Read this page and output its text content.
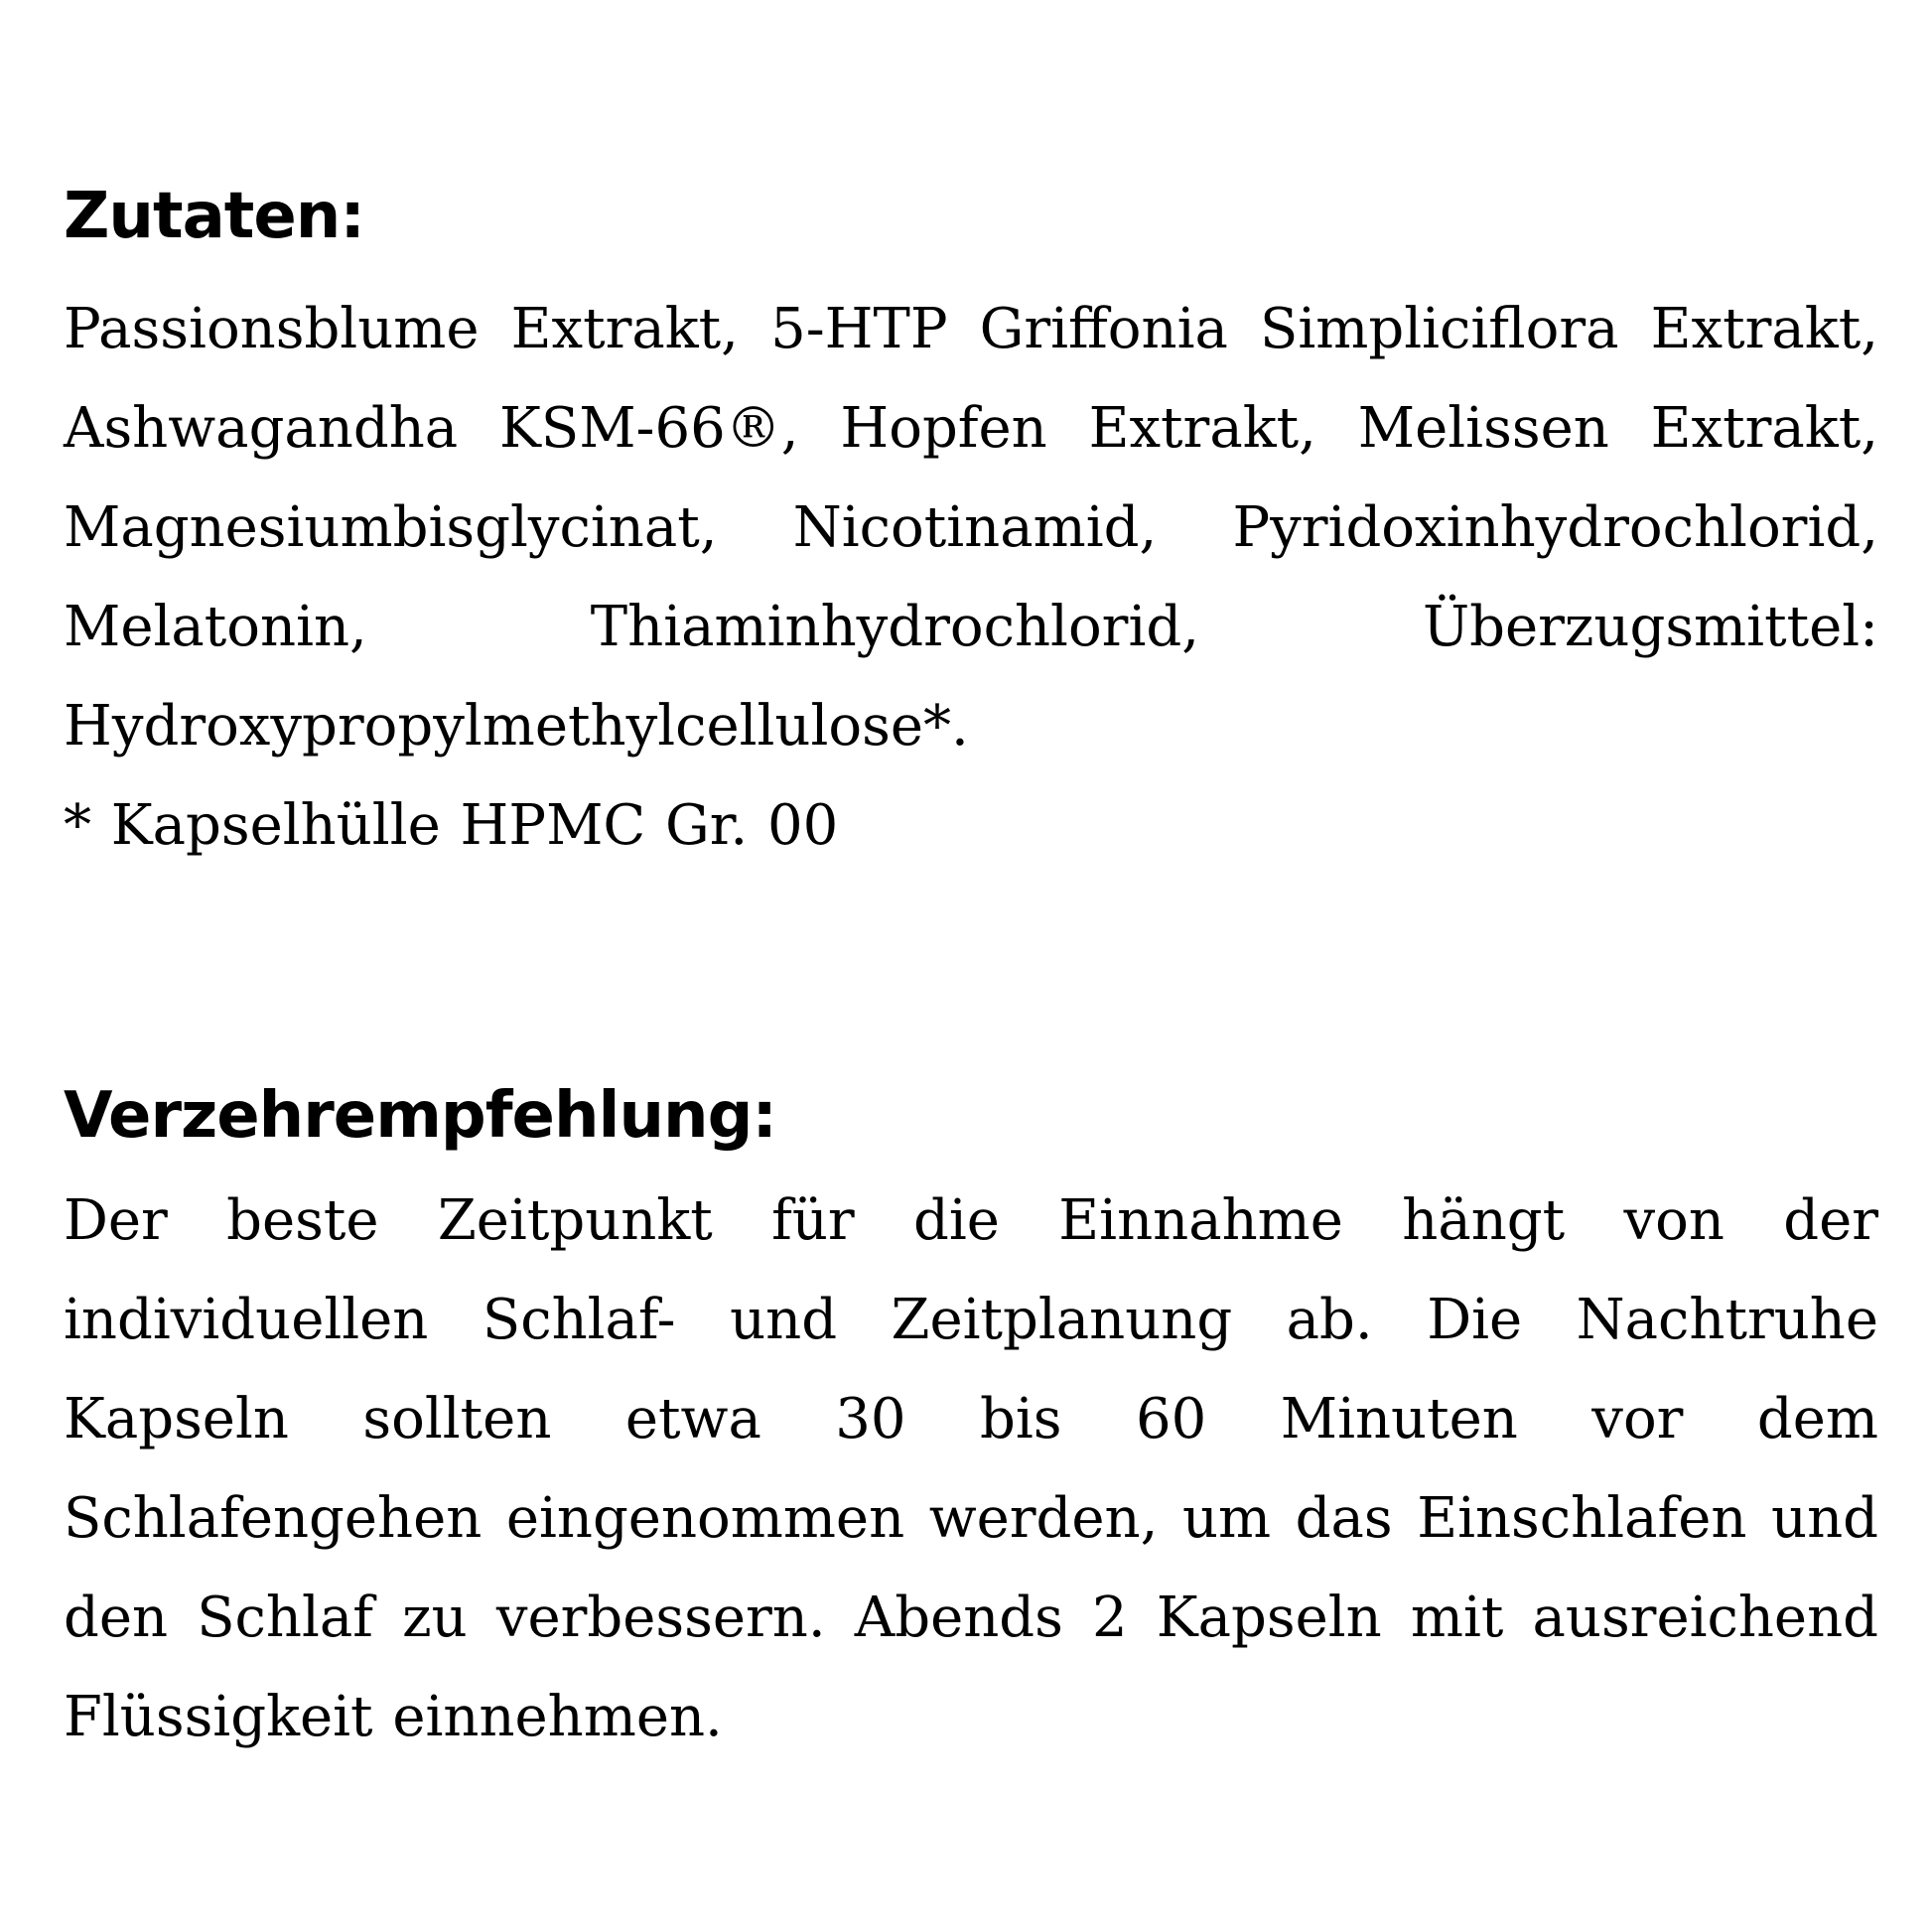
Zutaten:

Passionsblume Extrakt, 5-HTP Griffonia Simpliciflora Extrakt, Ashwagandha KSM-66®, Hopfen Extrakt, Melissen Extrakt, Magnesiumbisglycinat, Nicotinamid, Pyridoxinhydrochlorid, Melatonin, Thiaminhydrochlorid, Überzugsmittel: Hydroxypropylmethylcellulose*.

* Kapselhülle HPMC Gr. 00

Verzehrempfehlung:

Der beste Zeitpunkt für die Einnahme hängt von der individuellen Schlaf- und Zeitplanung ab. Die Nachtruhe Kapseln sollten etwa 30 bis 60 Minuten vor dem Schlafengehen eingenommen werden, um das Einschlafen und den Schlaf zu verbessern. Abends 2 Kapseln mit ausreichend Flüssigkeit einnehmen.
